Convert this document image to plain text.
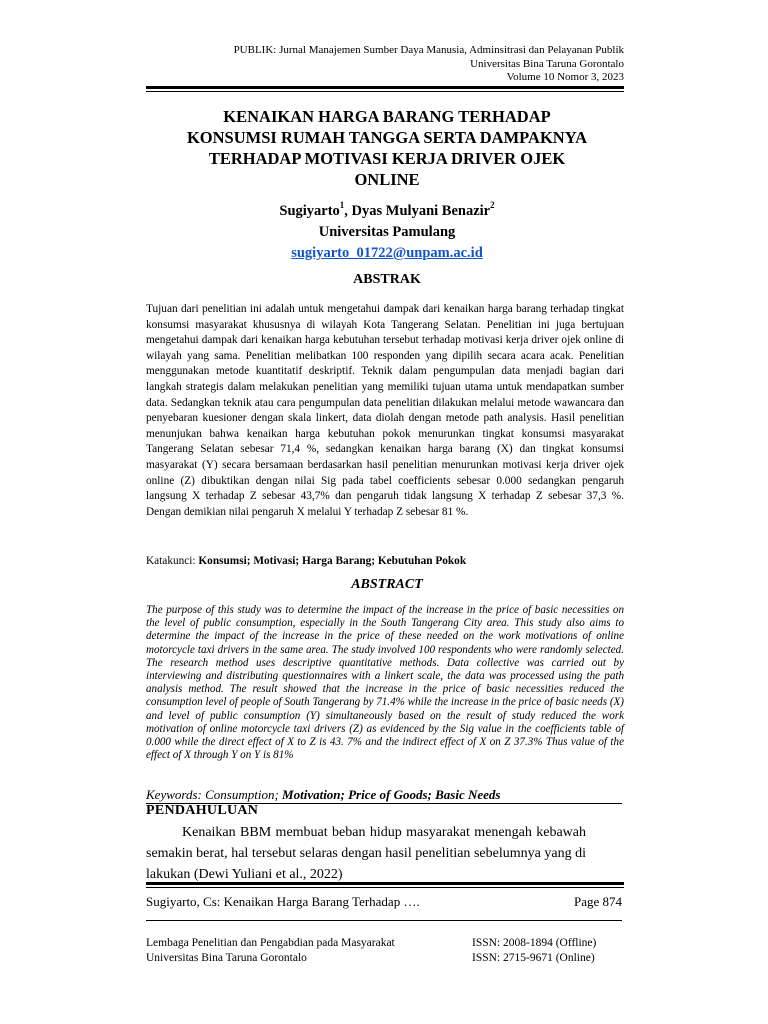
PUBLIK: Jurnal Manajemen Sumber Daya Manusia, Adminsitrasi dan Pelayanan Publik
Universitas Bina Taruna Gorontalo
Volume 10 Nomor 3, 2023
KENAIKAN HARGA BARANG TERHADAP
KONSUMSI RUMAH TANGGA SERTA DAMPAKNYA
TERHADAP MOTIVASI KERJA DRIVER OJEK
ONLINE
Sugiyarto$^1$, Dyas Mulyani Benazir$^2$
Universitas Pamulang
sugiyarto_01722@unpam.ac.id
ABSTRAK

Tujuan dari penelitian ini adalah untuk mengetahui dampak dari kenaikan harga barang terhadap tingkat konsumsi masyarakat khususnya di wilayah Kota Tangerang Selatan. Penelitian ini juga bertujuan mengetahui dampak dari kenaikan harga kebutuhan tersebut terhadap motivasi kerja driver ojek online di wilayah yang sama. Penelitian melibatkan 100 responden yang dipilih secara acara acak. Penelitian menggunakan metode kuantitatif deskriptif. Teknik dalam pengumpulan data menjadi bagian dari langkah strategis dalam melakukan penelitian yang memiliki tujuan utama untuk mendapatkan sumber data. Sedangkan teknik atau cara pengumpulan data penelitian dilakukan melalui metode wawancara dan penyebaran kuesioner dengan skala linkert, data diolah dengan metode path analysis. Hasil penelitian menunjukan bahwa kenaikan harga kebutuhan pokok menurunkan tingkat konsumsi masyarakat Tangerang Selatan sebesar 71,4 %, sedangkan kenaikan harga barang (X) dan tingkat konsumsi masyarakat (Y) secara bersamaan berdasarkan hasil penelitian menurunkan motivasi kerja driver ojek online (Z) dibuktikan dengan nilai Sig pada tabel coefficients sebesar 0.000 sedangkan pengaruh langsung X terhadap Z sebesar 43,7% dan pengaruh tidak langsung X terhadap Z sebesar 37,3 %. Dengan demikian nilai pengaruh X melalui Y terhadap Z sebesar 81 %.

Katakunci: Konsumsi; Motivasi; Harga Barang; Kebutuhan Pokok
ABSTRACT

The purpose of this study was to determine the impact of the increase in the price of basic necessities on the level of public consumption, especially in the South Tangerang City area. This study also aims to determine the impact of the increase in the price of these needed on the work motivations of online motorcycle taxi drivers in the same area. The study involved 100 respondents who were randomly selected. The research method uses descriptive quantitative methods. Data collective was carried out by interviewing and distributing questionnaires with a linkert scale, the data was processed using the path analysis method. The result showed that the increase in the price of basic necessities reduced the consumption level of people of South Tangerang by 71.4% while the increase in the price of basic needs (X) and level of public consumption (Y) simultaneously based on the result of study reduced the work motivation of online motorcycle taxi drivers (Z) as evidenced by the Sig value in the coefficients table of 0.000 while the direct effect of X to Z is 43. 7% and the indirect effect of X on Z 37.3% Thus value of the effect of X through Y on Y is 81%

Keywords: Consumption; Motivation; Price of Goods; Basic Needs
PENDAHULUAN

Kenaikan BBM membuat beban hidup masyarakat menengah kebawah semakin berat, hal tersebut selaras dengan hasil penelitian sebelumnya yang di lakukan (Dewi Yuliani et al., 2022)

Sugiyarto, Cs: Kenaikan Harga Barang Terhadap ….	Page 874
Lembaga Penelitian dan Pengabdian pada Masyarakat
Universitas Bina Taruna Gorontalo
ISSN: 2008-1894 (Offline)
ISSN: 2715-9671 (Online)
